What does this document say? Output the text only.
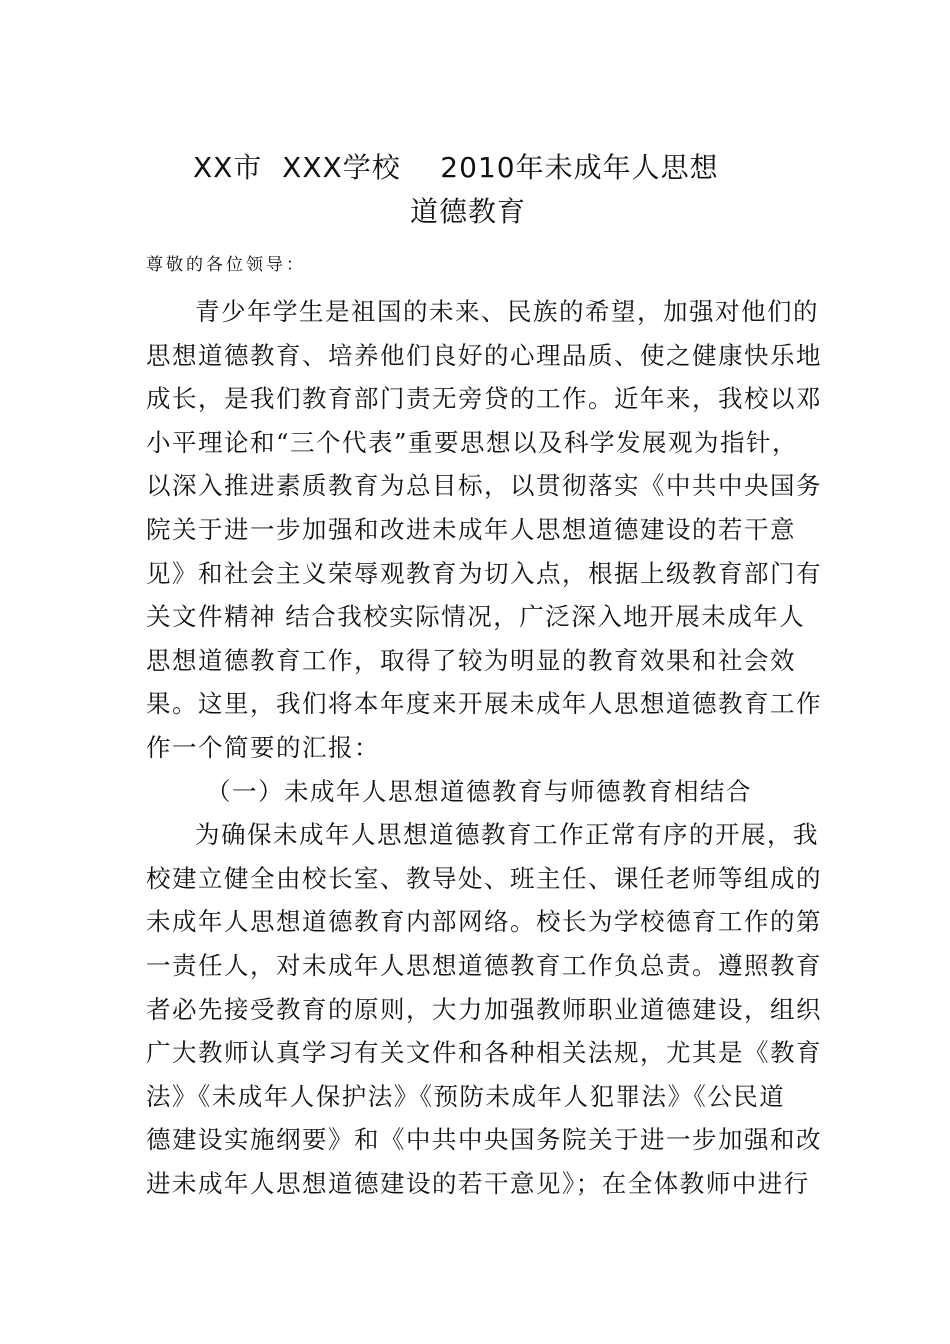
XX市  XXX学校    2010年未成年人思想
道德教育
尊敬的各位领导：
青少年学生是祖国的未来、民族的希望，加强对他们的
思想道德教育、培养他们良好的心理品质、使之健康快乐地
成长，是我们教育部门责无旁贷的工作。近年来，我校以邓
小平理论和“三个代表”重要思想以及科学发展观为指针，
以深入推进素质教育为总目标，以贯彻落实《中共中央国务
院关于进一步加强和改进未成年人思想道德建设的若干意
见》和社会主义荣辱观教育为切入点，根据上级教育部门有
关文件精神 结合我校实际情况，广泛深入地开展未成年人
思想道德教育工作，取得了较为明显的教育效果和社会效
果。这里，我们将本年度来开展未成年人思想道德教育工作
作一个简要的汇报：
（一）未成年人思想道德教育与师德教育相结合
为确保未成年人思想道德教育工作正常有序的开展，我
校建立健全由校长室、教导处、班主任、课任老师等组成的
未成年人思想道德教育内部网络。校长为学校德育工作的第
一责任人，对未成年人思想道德教育工作负总责。遵照教育
者必先接受教育的原则，大力加强教师职业道德建设，组织
广大教师认真学习有关文件和各种相关法规，尤其是《教育
法》《未成年人保护法》《预防未成年人犯罪法》《公民道
德建设实施纲要》和《中共中央国务院关于进一步加强和改
进未成年人思想道德建设的若干意见》；在全体教师中进行
